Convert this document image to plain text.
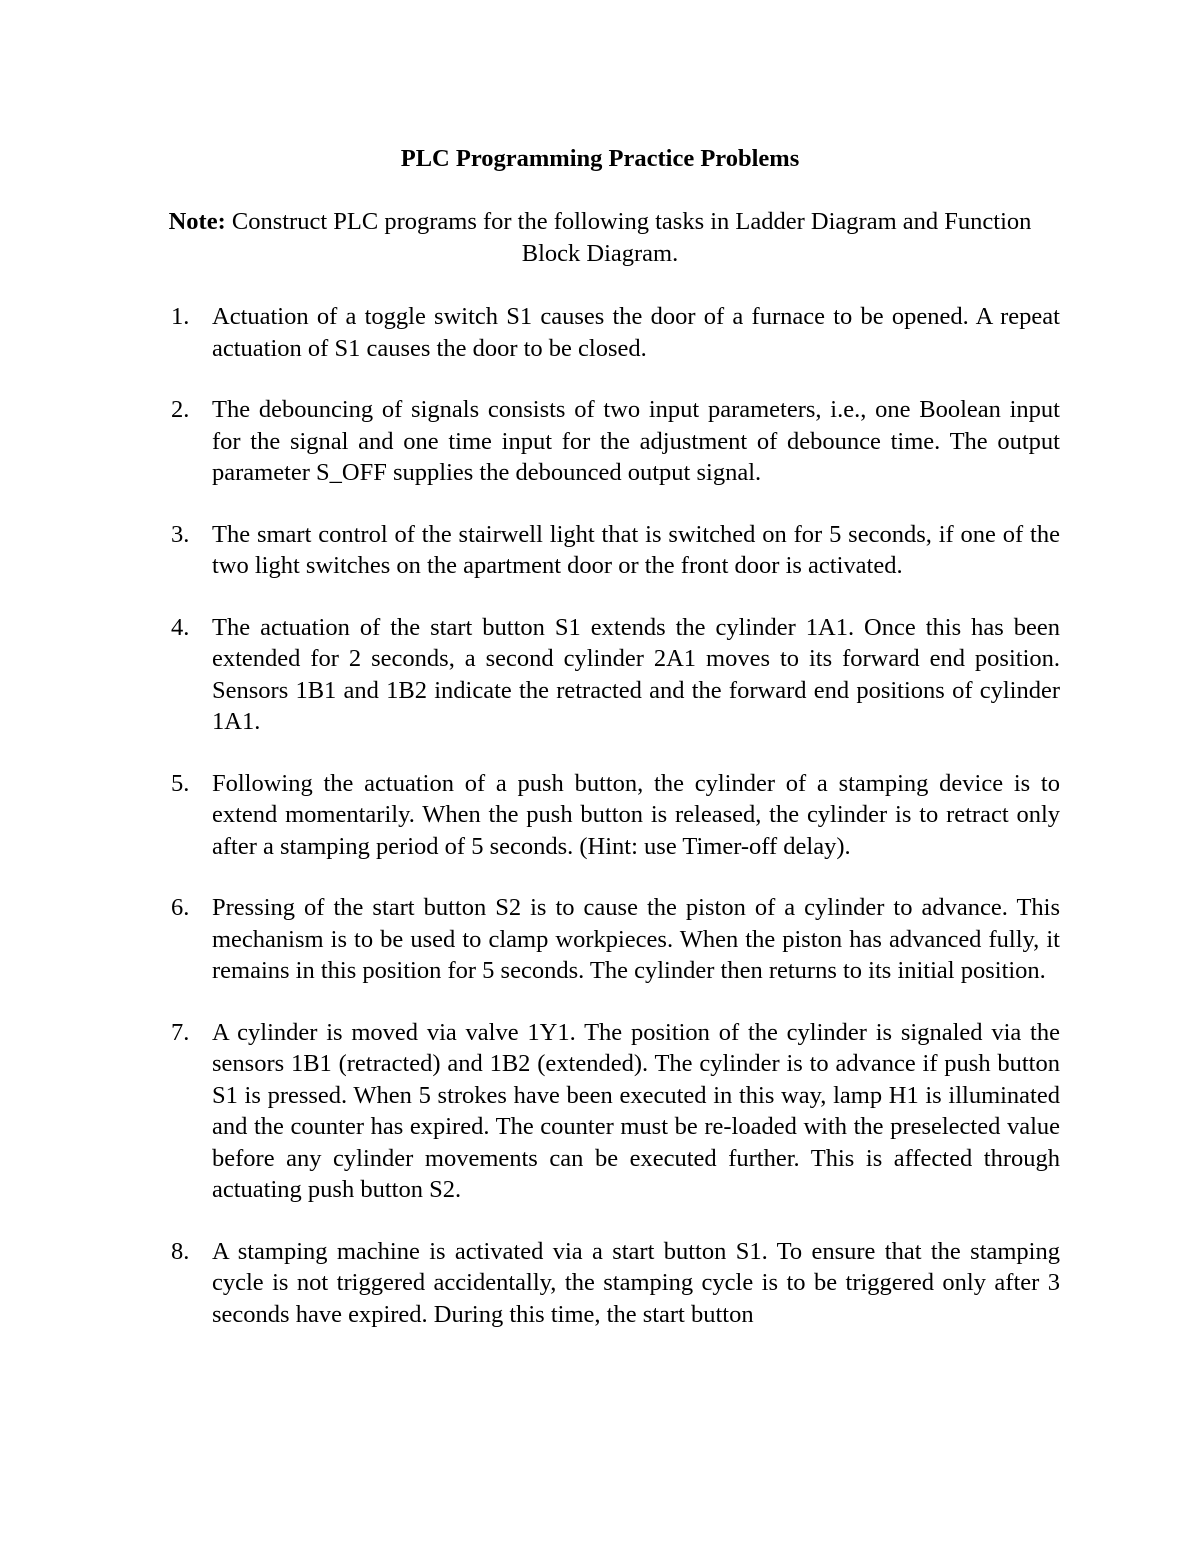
PLC Programming Practice Problems

Note: Construct PLC programs for the following tasks in Ladder Diagram and Function Block Diagram.

1. Actuation of a toggle switch S1 causes the door of a furnace to be opened. A repeat actuation of S1 causes the door to be closed.
2. The debouncing of signals consists of two input parameters, i.e., one Boolean input for the signal and one time input for the adjustment of debounce time. The output parameter S_OFF supplies the debounced output signal.
3. The smart control of the stairwell light that is switched on for 5 seconds, if one of the two light switches on the apartment door or the front door is activated.
4. The actuation of the start button S1 extends the cylinder 1A1. Once this has been extended for 2 seconds, a second cylinder 2A1 moves to its forward end position. Sensors 1B1 and 1B2 indicate the retracted and the forward end positions of cylinder 1A1.
5. Following the actuation of a push button, the cylinder of a stamping device is to extend momentarily. When the push button is released, the cylinder is to retract only after a stamping period of 5 seconds. (Hint: use Timer-off delay).
6. Pressing of the start button S2 is to cause the piston of a cylinder to advance. This mechanism is to be used to clamp workpieces. When the piston has advanced fully, it remains in this position for 5 seconds. The cylinder then returns to its initial position.
7. A cylinder is moved via valve 1Y1. The position of the cylinder is signaled via the sensors 1B1 (retracted) and 1B2 (extended). The cylinder is to advance if push button S1 is pressed. When 5 strokes have been executed in this way, lamp H1 is illuminated and the counter has expired. The counter must be re-loaded with the preselected value before any cylinder movements can be executed further. This is affected through actuating push button S2.
8. A stamping machine is activated via a start button S1. To ensure that the stamping cycle is not triggered accidentally, the stamping cycle is to be triggered only after 3 seconds have expired. During this time, the start button
